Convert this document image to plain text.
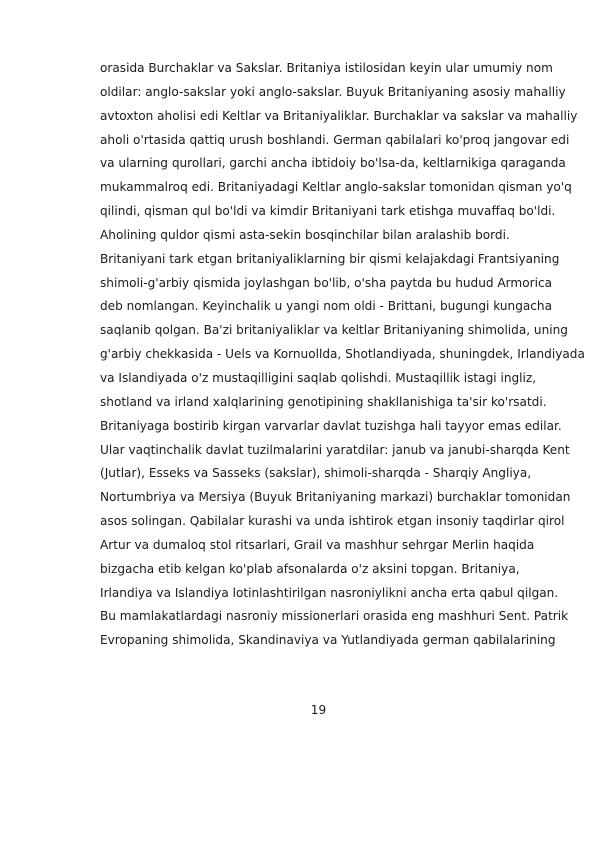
orasida Burchaklar va Sakslar. Britaniya istilosidan keyin ular umumiy nom
oldilar: anglo-sakslar yoki anglo-sakslar. Buyuk Britaniyaning asosiy mahalliy
avtoxton aholisi edi Keltlar va Britaniyaliklar. Burchaklar va sakslar va mahalliy
aholi o'rtasida qattiq urush boshlandi. German qabilalari ko'proq jangovar edi
va ularning qurollari, garchi ancha ibtidoiy bo'lsa-da, keltlarnikiga qaraganda
mukammalroq edi. Britaniyadagi Keltlar anglo-sakslar tomonidan qisman yo'q
qilindi, qisman qul bo'ldi va kimdir Britaniyani tark etishga muvaffaq bo'ldi.
Aholining quldor qismi asta-sekin bosqinchilar bilan aralashib bordi.
Britaniyani tark etgan britaniyaliklarning bir qismi kelajakdagi Frantsiyaning
shimoli-g'arbiy qismida joylashgan bo'lib, o'sha paytda bu hudud Armorica
deb nomlangan. Keyinchalik u yangi nom oldi - Brittani, bugungi kungacha
saqlanib qolgan. Ba'zi britaniyaliklar va keltlar Britaniyaning shimolida, uning
g'arbiy chekkasida - Uels va Kornuollda, Shotlandiyada, shuningdek, Irlandiyada
va Islandiyada o'z mustaqilligini saqlab qolishdi. Mustaqillik istagi ingliz,
shotland va irland xalqlarining genotipining shakllanishiga ta'sir ko'rsatdi.
Britaniyaga bostirib kirgan varvarlar davlat tuzishga hali tayyor emas edilar.
Ular vaqtinchalik davlat tuzilmalarini yaratdilar: janub va janubi-sharqda Kent
(Jutlar), Esseks va Sasseks (sakslar), shimoli-sharqda - Sharqiy Angliya,
Nortumbriya va Mersiya (Buyuk Britaniyaning markazi) burchaklar tomonidan
asos solingan. Qabilalar kurashi va unda ishtirok etgan insoniy taqdirlar qirol
Artur va dumaloq stol ritsarlari, Grail va mashhur sehrgar Merlin haqida
bizgacha etib kelgan ko'plab afsonalarda o'z aksini topgan. Britaniya,
Irlandiya va Islandiya lotinlashtirilgan nasroniylikni ancha erta qabul qilgan.
Bu mamlakatlardagi nasroniy missionerlari orasida eng mashhuri Sent. Patrik
Evropaning shimolida, Skandinaviya va Yutlandiyada german qabilalarining
19
